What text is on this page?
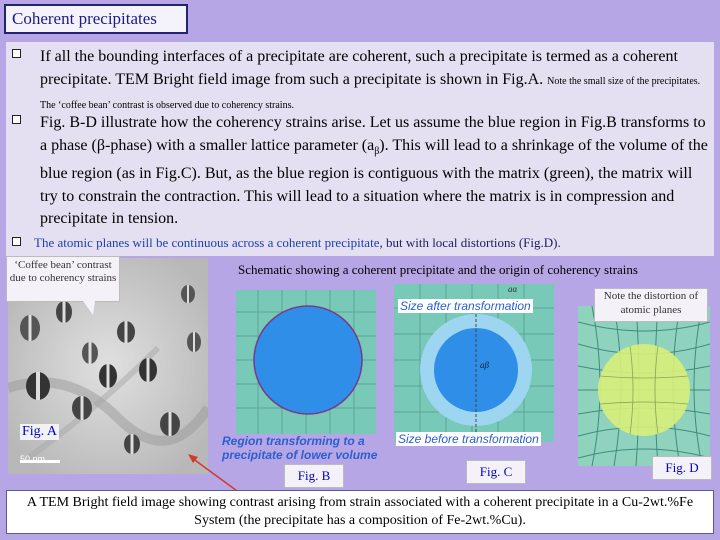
Coherent precipitates
If all the bounding interfaces of a precipitate are coherent, such a precipitate is termed as a coherent precipitate. TEM Bright field image from such a precipitate is shown in Fig.A. Note the small size of the precipitates. The ‘coffee bean’ contrast is observed due to coherency strains.
Fig. B-D illustrate how the coherency strains arise. Let us assume the blue region in Fig.B transforms to a phase (β-phase) with a smaller lattice parameter $(a_\beta)$. This will lead to a shrinkage of the volume of the blue region (as in Fig.C). But, as the blue region is contiguous with the matrix (green), the matrix will try to constrain the contraction. This will lead to a situation where the matrix is in compression and precipitate in tension.
The atomic planes will be continuous across a coherent precipitate, but with local distortions (Fig.D).
‘Coffee bean’ contrast due to coherency strains
Fig. A
50 nm
Schematic showing a coherent precipitate and the origin of coherency strains
aα
aβ
Size after transformation
Size before transformation
Region transforming to a precipitate of lower volume
Note the distortion of atomic planes
Fig. B	Fig. C	Fig. D
A TEM Bright field image showing contrast arising from strain associated with a coherent precipitate in a Cu-2wt.%Fe System (the precipitate has a composition of Fe-2wt.%Cu).
